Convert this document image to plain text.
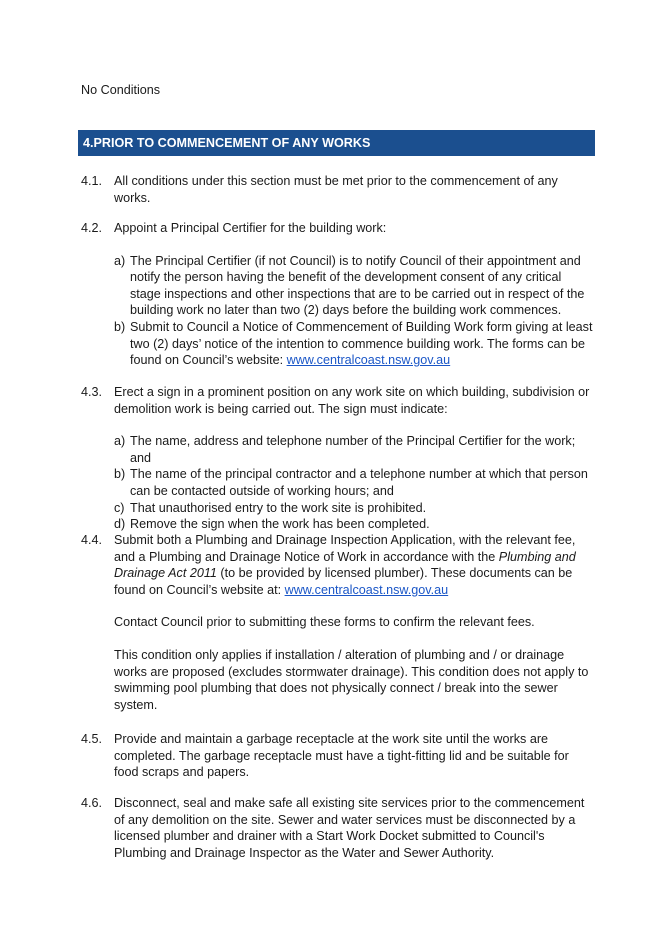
No Conditions
4.PRIOR TO COMMENCEMENT OF ANY WORKS
4.1. All conditions under this section must be met prior to the commencement of any works.

4.2. Appoint a Principal Certifier for the building work:

a) The Principal Certifier (if not Council) is to notify Council of their appointment and notify the person having the benefit of the development consent of any critical stage inspections and other inspections that are to be carried out in respect of the building work no later than two (2) days before the building work commences.
b) Submit to Council a Notice of Commencement of Building Work form giving at least two (2) days’ notice of the intention to commence building work. The forms can be found on Council’s website: www.centralcoast.nsw.gov.au
4.3. Erect a sign in a prominent position on any work site on which building, subdivision or demolition work is being carried out. The sign must indicate:

a) The name, address and telephone number of the Principal Certifier for the work; and
b) The name of the principal contractor and a telephone number at which that person can be contacted outside of working hours; and
c) That unauthorised entry to the work site is prohibited.
d) Remove the sign when the work has been completed.
4.4. Submit both a Plumbing and Drainage Inspection Application, with the relevant fee, and a Plumbing and Drainage Notice of Work in accordance with the Plumbing and Drainage Act 2011 (to be provided by licensed plumber). These documents can be found on Council’s website at: www.centralcoast.nsw.gov.au

Contact Council prior to submitting these forms to confirm the relevant fees.

This condition only applies if installation / alteration of plumbing and / or drainage works are proposed (excludes stormwater drainage). This condition does not apply to swimming pool plumbing that does not physically connect / break into the sewer system.

4.5. Provide and maintain a garbage receptacle at the work site until the works are completed. The garbage receptacle must have a tight-fitting lid and be suitable for food scraps and papers.

4.6. Disconnect, seal and make safe all existing site services prior to the commencement of any demolition on the site. Sewer and water services must be disconnected by a licensed plumber and drainer with a Start Work Docket submitted to Council's Plumbing and Drainage Inspector as the Water and Sewer Authority.
